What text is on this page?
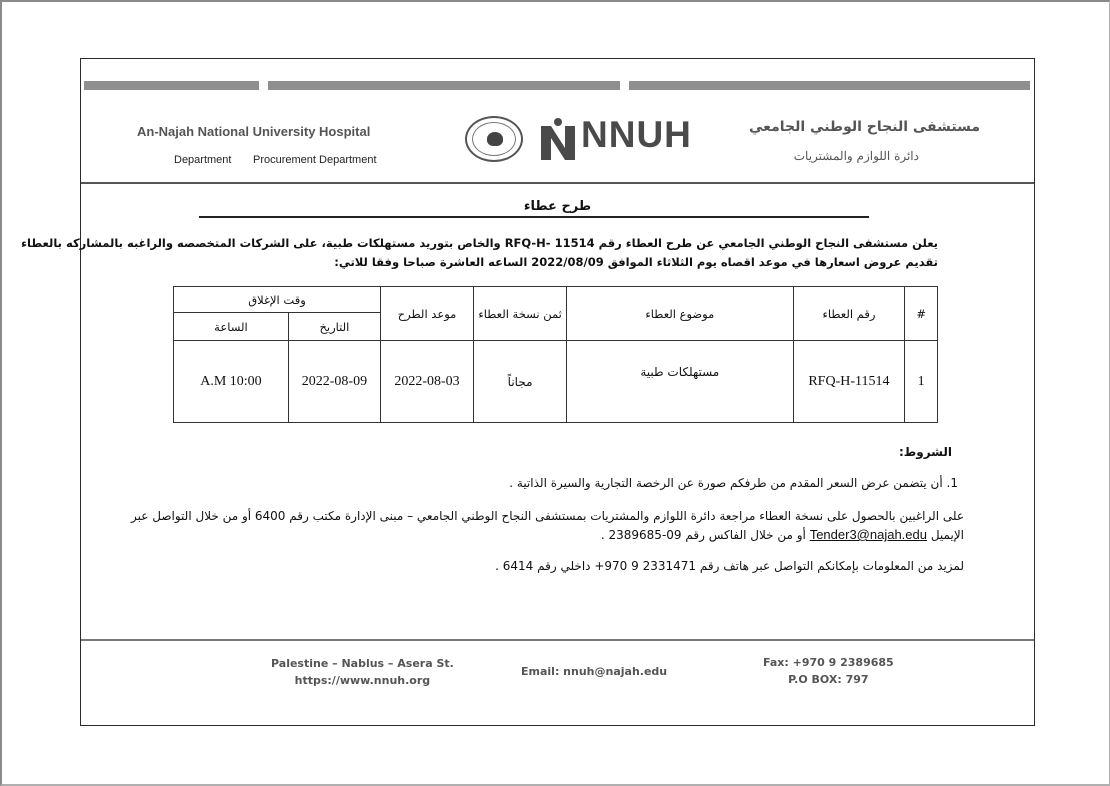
An-Najah National University Hospital
Department Procurement Department
NNUH	مستشفى النجاح الوطني الجامعي
دائرة اللوازم والمشتريات
طرح عطاء
يعلن مستشفى النجاح الوطني الجامعي عن طرح العطاء رقم RFQ-H- 11514 والخاص بتوريد مستهلكات طبية، على الشركات المتخصصه والراغبه بالمشاركه بالعطاء
تقديم عروض اسعارها في موعد اقصاه يوم الثلاثاء الموافق 2022/08/09 الساعه العاشرة صباحا وفقا للاتي:
#	رقم العطاء	موضوع العطاء	ثمن نسخة العطاء	موعد الطرح	وقت الإغلاق	
					التاريخ	الساعة
1	RFQ-H-11514	مستهلكات طبية	مجاناً	2022-08-03	2022-08-09	A.M 10:00
الشروط:
1. أن يتضمن عرض السعر المقدم من طرفكم صورة عن الرخصة التجارية والسيرة الذاتية .
على الراغبين بالحصول على نسخة العطاء مراجعة دائرة اللوازم والمشتريات بمستشفى النجاح الوطني الجامعي – مبنى الإدارة مكتب رقم 6400 أو من خلال التواصل عبر
الإيميل Tender3@najah.edu أو من خلال الفاكس رقم 09-2389685 .
لمزيد من المعلومات بإمكانكم التواصل عبر هاتف رقم 2331471 9 970+ داخلي رقم 6414 .
Palestine – Nablus – Asera St.
https://www.nnuh.org
Email: nnuh@najah.edu
Fax: +970 9 2389685
P.O BOX: 797
